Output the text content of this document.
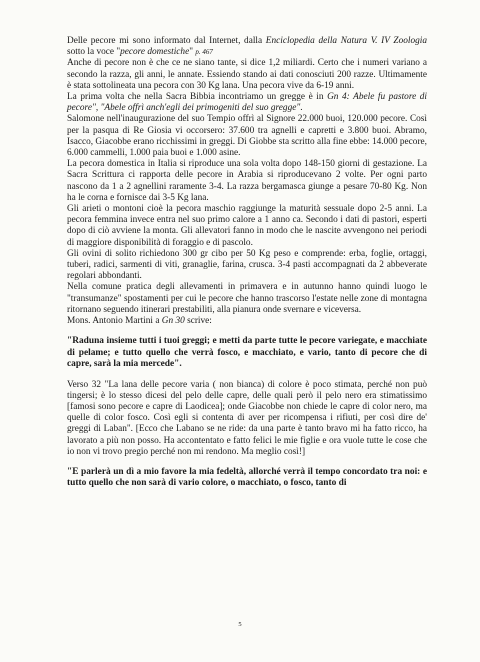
Delle pecore mi sono informato dal Internet, dalla Enciclopedia della Natura V. IV Zoologia sotto la voce "pecore domestiche" p. 467

Anche di pecore non è che ce ne siano tante, si dice 1,2 miliardi. Certo che i numeri variano a secondo la razza, gli anni, le annate. Essiendo stando ai dati conosciuti 200 razze. Ultimamente è stata sottolineata una pecora con 30 Kg lana. Una pecora vive da 6-19 anni.

La prima volta che nella Sacra Bibbia incontriamo un gregge è in Gn 4: Abele fu pastore di pecore", "Abele offrì anch'egli dei primogeniti del suo gregge".

Salomone nell'inaugurazione del suo Tempio offrì al Signore 22.000 buoi, 120.000 pecore. Così per la pasqua di Re Giosia vi occorsero: 37.600 tra agnelli e capretti e 3.800 buoi. Abramo, Isacco, Giacobbe erano ricchissimi in greggi. Di Giobbe sta scritto alla fine ebbe: 14.000 pecore, 6.000 cammelli, 1.000 paia buoi e 1.000 asine.

La pecora domestica in Italia si riproduce una sola volta dopo 148-150 giorni di gestazione. La Sacra Scrittura ci rapporta delle pecore in Arabia si riproducevano 2 volte. Per ogni parto nascono da 1 a 2 agnellini raramente 3-4. La razza bergamasca giunge a pesare 70-80 Kg. Non ha le corna e fornisce dai 3-5 Kg lana.

Gli arieti o montoni cioè la pecora maschio raggiunge la maturità sessuale dopo 2-5 anni. La pecora femmina invece entra nel suo primo calore a 1 anno ca. Secondo i dati di pastori, esperti dopo di ciò avviene la monta. Gli allevatori fanno in modo che le nascite avvengono nei periodi di maggiore disponibilità di foraggio e di pascolo.

Gli ovini di solito richiedono 300 gr cibo per 50 Kg peso e comprende: erba, foglie, ortaggi, tuberi, radici, sarmenti di viti, granaglie, farina, crusca. 3-4 pasti accompagnati da 2 abbeverate regolari abbondanti.

Nella comune pratica degli allevamenti in primavera e in autunno hanno quindi luogo le "transumanze" spostamenti per cui le pecore che hanno trascorso l'estate nelle zone di montagna ritornano seguendo itinerari prestabiliti, alla pianura onde svernare e viceversa.

Mons. Antonio Martini a Gn 30 scrive:

"Raduna insieme tutti i tuoi greggi; e metti da parte tutte le pecore variegate, e macchiate di pelame; e tutto quello che verrà fosco, e macchiato, e vario, tanto di pecore che di capre, sarà la mia mercede".

Verso 32 "La lana delle pecore varia ( non bianca) di colore è poco stimata, perché non può tingersi; è lo stesso dicesi del pelo delle capre, delle quali però il pelo nero era stimatissimo [famosi sono pecore e capre di Laodicea]; onde Giacobbe non chiede le capre di color nero, ma quelle di color fosco. Così egli si contenta di aver per ricompensa i rifiuti, per così dire de' greggi di Laban". [Ecco che Labano se ne ride: da una parte è tanto bravo mi ha fatto ricco, ha lavorato a più non posso. Ha accontentato e fatto felici le mie figlie e ora vuole tutte le cose che io non vi trovo pregio perché non mi rendono. Ma meglio così!]

"E parlerà un dì a mio favore la mia fedeltà, allorché verrà il tempo concordato tra noi: e tutto quello che non sarà di vario colore, o macchiato, o fosco, tanto di

5
